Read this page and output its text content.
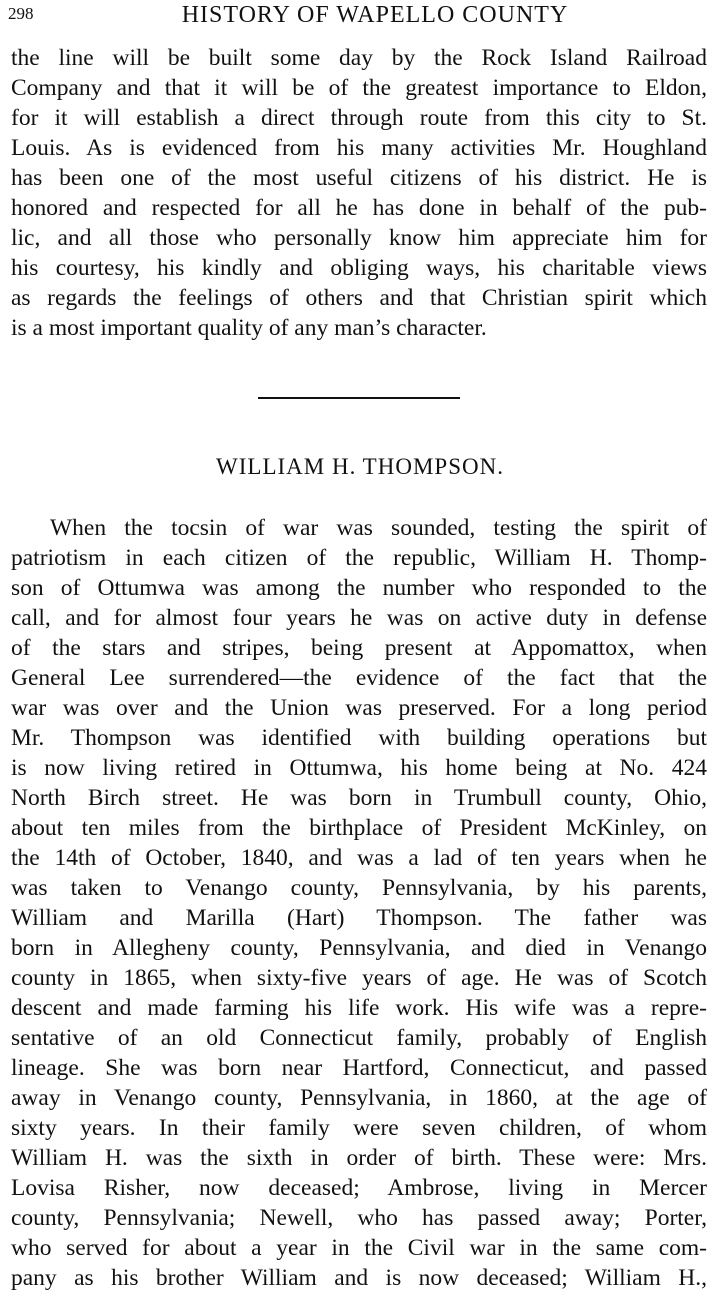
298	HISTORY OF WAPELLO COUNTY
the line will be built some day by the Rock Island Railroad
Company and that it will be of the greatest importance to Eldon,
for it will establish a direct through route from this city to St.
Louis. As is evidenced from his many activities Mr. Houghland
has been one of the most useful citizens of his district. He is
honored and respected for all he has done in behalf of the pub-
lic, and all those who personally know him appreciate him for
his courtesy, his kindly and obliging ways, his charitable views
as regards the feelings of others and that Christian spirit which
is a most important quality of any man’s character.
WILLIAM H. THOMPSON.
When the tocsin of war was sounded, testing the spirit of
patriotism in each citizen of the republic, William H. Thomp-
son of Ottumwa was among the number who responded to the
call, and for almost four years he was on active duty in defense
of the stars and stripes, being present at Appomattox, when
General Lee surrendered—the evidence of the fact that the
war was over and the Union was preserved. For a long period
Mr. Thompson was identified with building operations but
is now living retired in Ottumwa, his home being at No. 424
North Birch street. He was born in Trumbull county, Ohio,
about ten miles from the birthplace of President McKinley, on
the 14th of October, 1840, and was a lad of ten years when he
was taken to Venango county, Pennsylvania, by his parents,
William and Marilla (Hart) Thompson. The father was
born in Allegheny county, Pennsylvania, and died in Venango
county in 1865, when sixty-five years of age. He was of Scotch
descent and made farming his life work. His wife was a repre-
sentative of an old Connecticut family, probably of English
lineage. She was born near Hartford, Connecticut, and passed
away in Venango county, Pennsylvania, in 1860, at the age of
sixty years. In their family were seven children, of whom
William H. was the sixth in order of birth. These were: Mrs.
Lovisa Risher, now deceased; Ambrose, living in Mercer
county, Pennsylvania; Newell, who has passed away; Porter,
who served for about a year in the Civil war in the same com-
pany as his brother William and is now deceased; William H.,
